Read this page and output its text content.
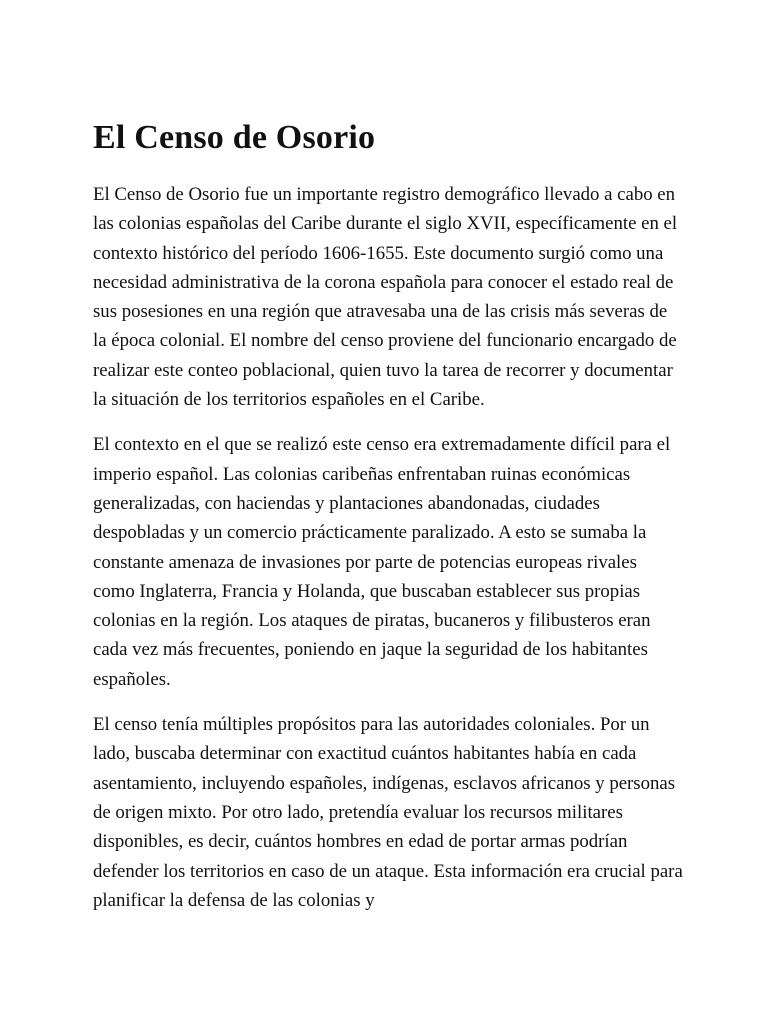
El Censo de Osorio

El Censo de Osorio fue un importante registro demográfico llevado a cabo en las colonias españolas del Caribe durante el siglo XVII, específicamente en el contexto histórico del período 1606-1655. Este documento surgió como una necesidad administrativa de la corona española para conocer el estado real de sus posesiones en una región que atravesaba una de las crisis más severas de la época colonial. El nombre del censo proviene del funcionario encargado de realizar este conteo poblacional, quien tuvo la tarea de recorrer y documentar la situación de los territorios españoles en el Caribe.

El contexto en el que se realizó este censo era extremadamente difícil para el imperio español. Las colonias caribeñas enfrentaban ruinas económicas generalizadas, con haciendas y plantaciones abandonadas, ciudades despobladas y un comercio prácticamente paralizado. A esto se sumaba la constante amenaza de invasiones por parte de potencias europeas rivales como Inglaterra, Francia y Holanda, que buscaban establecer sus propias colonias en la región. Los ataques de piratas, bucaneros y filibusteros eran cada vez más frecuentes, poniendo en jaque la seguridad de los habitantes españoles.

El censo tenía múltiples propósitos para las autoridades coloniales. Por un lado, buscaba determinar con exactitud cuántos habitantes había en cada asentamiento, incluyendo españoles, indígenas, esclavos africanos y personas de origen mixto. Por otro lado, pretendía evaluar los recursos militares disponibles, es decir, cuántos hombres en edad de portar armas podrían defender los territorios en caso de un ataque. Esta información era crucial para planificar la defensa de las colonias y
